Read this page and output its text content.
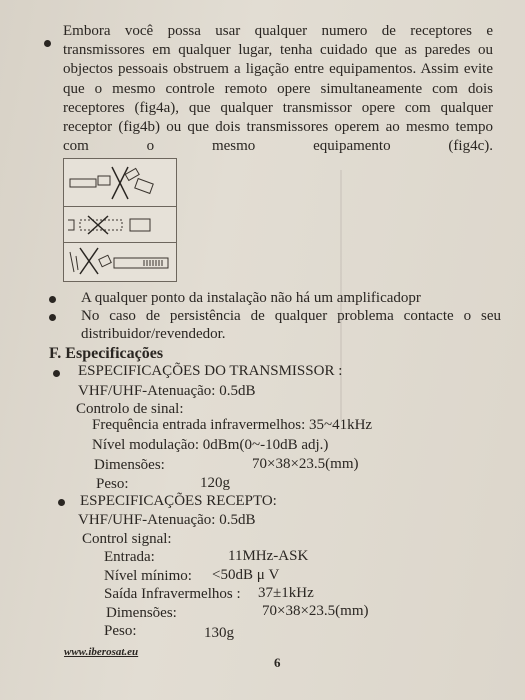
Embora você possa usar qualquer numero de receptores e transmissores em qualquer lugar, tenha cuidado que as paredes ou objectos pessoais obstruem a ligação entre equipamentos. Assim evite que o mesmo controle remoto opere simultaneamente com dois receptores (fig4a), que qualquer transmissor opere com qualquer receptor (fig4b) ou que dois transmissores operem ao mesmo tempo com o mesmo equipamento (fig4c).
A qualquer ponto da instalação não há um amplificadopr
No caso de persistência de qualquer problema contacte o seu
distribuidor/revendedor.
F. Especificações
ESPECIFICAÇÕES DO TRANSMISSOR :
VHF/UHF-Atenuação: 0.5dB
Controlo de sinal:
Frequência entrada infravermelhos: 35~41kHz
Nível modulação: 0dBm(0~-10dB adj.)
Dimensões:	70×38×23.5(mm)
Peso:	120g
ESPECIFICAÇÕES RECEPTO:
VHF/UHF-Atenuação: 0.5dB
Control signal:
Entrada:	11MHz-ASK
Nível mínimo: <50dB μ V
Saída Infravermelhos : 37±1kHz
Dimensões:	70×38×23.5(mm)
Peso:	130g
www.iberosat.eu
6
